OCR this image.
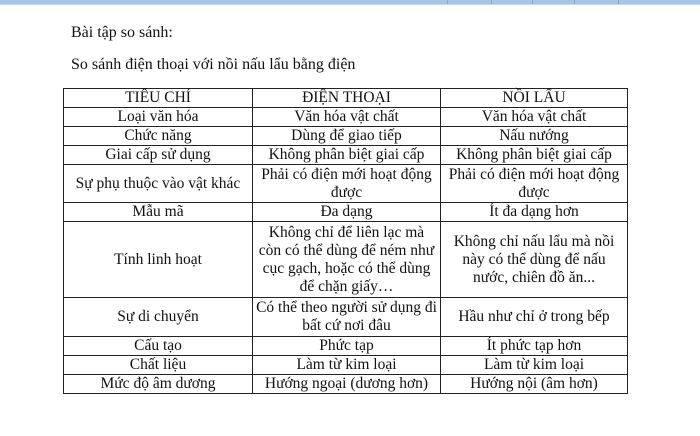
Bài tập so sánh:
So sánh điện thoại với nồi nấu lẩu bằng điện
TIÊU CHÍ	ĐIỆN THOẠI	NỒI LẨU
Loại văn hóa	Văn hóa vật chất	Văn hóa vật chất
Chức năng	Dùng để giao tiếp	Nấu nướng
Giai cấp sử dụng	Không phân biệt giai cấp	Không phân biệt giai cấp
Sự phụ thuộc vào vật khác	Phải có điện mới hoạt động được	Phải có điện mới hoạt động được
Mẫu mã	Đa dạng	Ít đa dạng hơn
Tính linh hoạt	Không chỉ để liên lạc mà còn có thể dùng để ném như cục gạch, hoặc có thể dùng để chặn giấy…	Không chỉ nấu lẩu mà nồi này có thể dùng để nấu nước, chiên đồ ăn...
Sự di chuyển	Có thể theo người sử dụng đi bất cứ nơi đâu	Hầu như chỉ ở trong bếp
Cấu tạo	Phức tạp	Ít phức tạp hơn
Chất liệu	Làm từ kim loại	Làm từ kim loại
Mức độ âm dương	Hướng ngoại (dương hơn)	Hướng nội (âm hơn)
